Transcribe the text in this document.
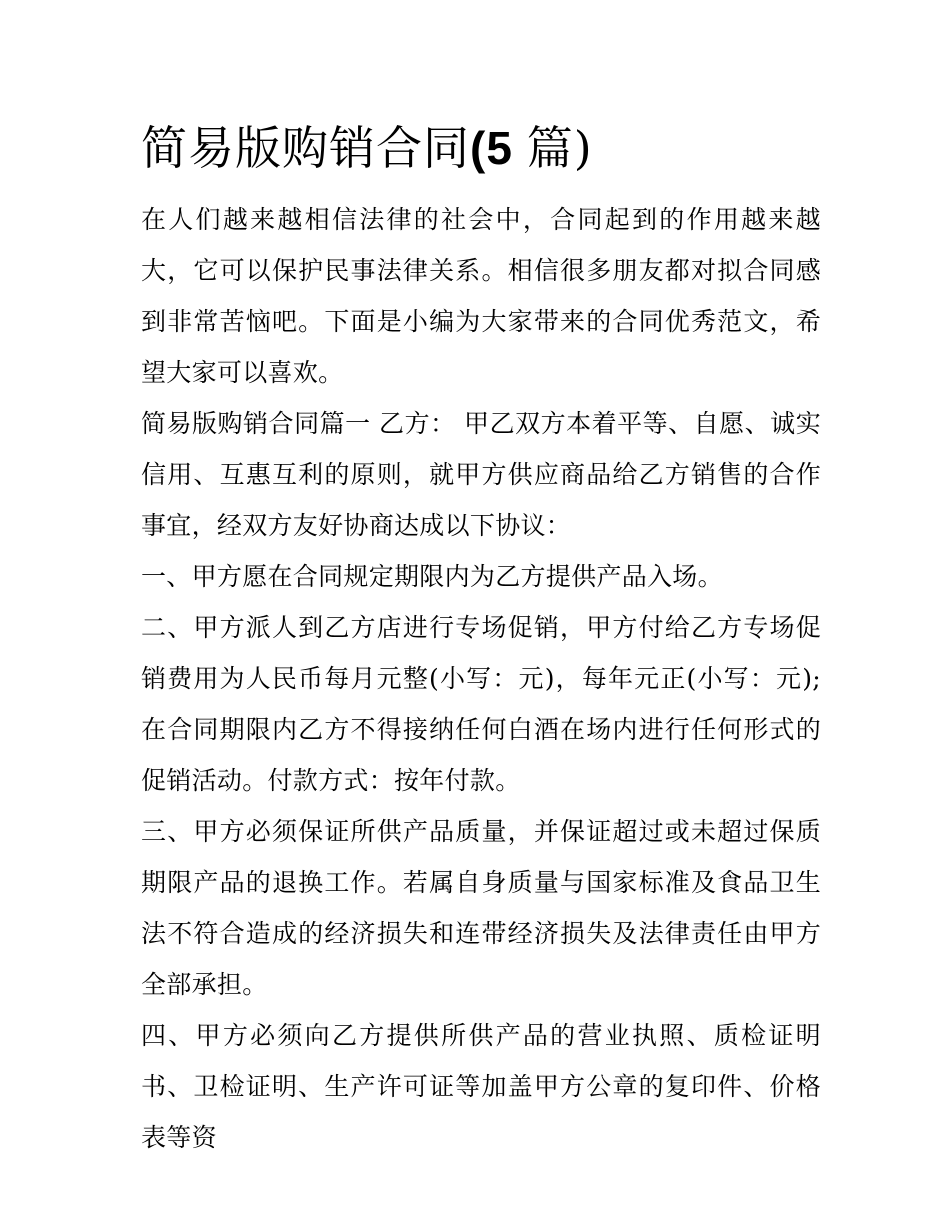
简易版购销合同(5 篇)

在人们越来越相信法律的社会中，合同起到的作用越来越大，它可以保护民事法律关系。相信很多朋友都对拟合同感到非常苦恼吧。下面是小编为大家带来的合同优秀范文，希望大家可以喜欢。

简易版购销合同篇一 乙方： 甲乙双方本着平等、自愿、诚实信用、互惠互利的原则，就甲方供应商品给乙方销售的合作事宜，经双方友好协商达成以下协议：

一、甲方愿在合同规定期限内为乙方提供产品入场。

二、甲方派人到乙方店进行专场促销，甲方付给乙方专场促销费用为人民币每月元整(小写：元)，每年元正(小写：元);在合同期限内乙方不得接纳任何白酒在场内进行任何形式的促销活动。付款方式：按年付款。

三、甲方必须保证所供产品质量，并保证超过或未超过保质期限产品的退换工作。若属自身质量与国家标准及食品卫生法不符合造成的经济损失和连带经济损失及法律责任由甲方全部承担。

四、甲方必须向乙方提供所供产品的营业执照、质检证明书、卫检证明、生产许可证等加盖甲方公章的复印件、价格表等资
